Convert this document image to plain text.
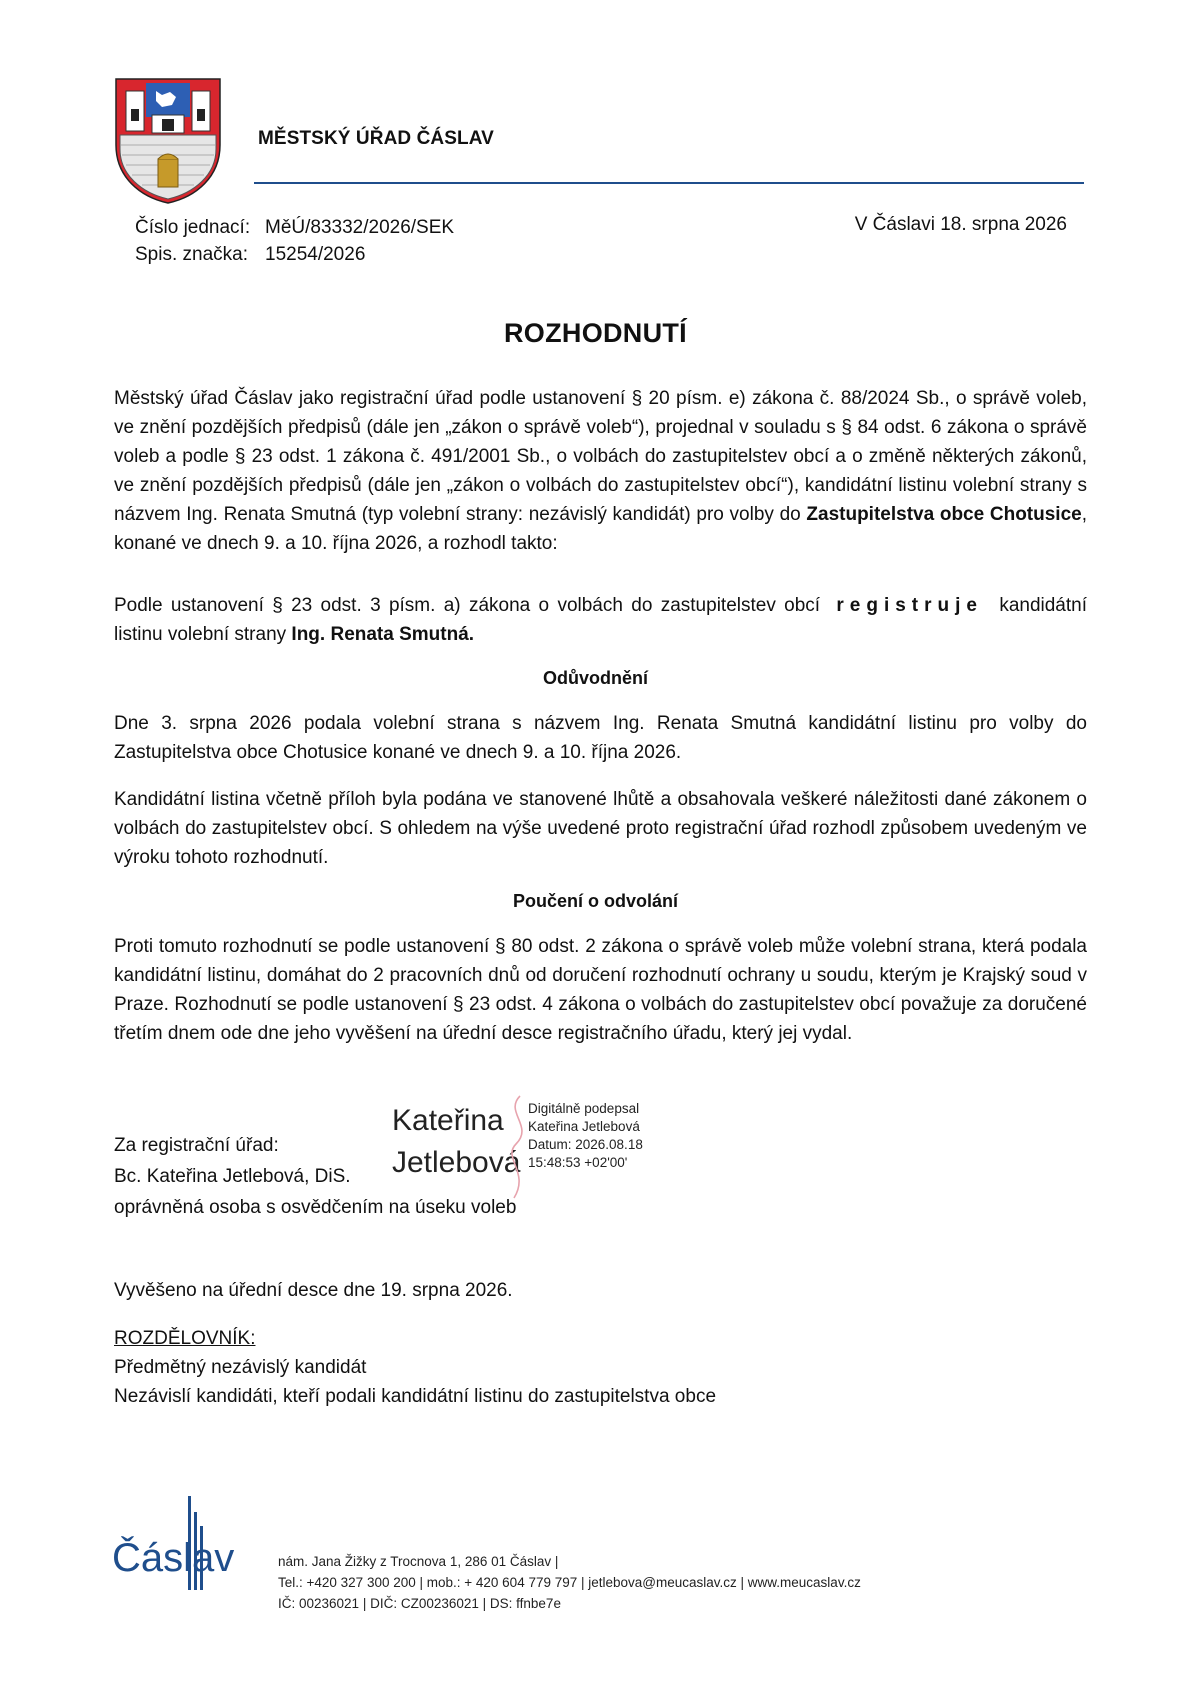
MĚSTSKÝ ÚŘAD ČÁSLAV
Číslo jednací: MěÚ/83332/2026/SEK
Spis. značka: 15254/2026
V Čáslavi 18. srpna 2026
ROZHODNUTÍ

Městský úřad Čáslav jako registrační úřad podle ustanovení § 20 písm. e) zákona č. 88/2024 Sb., o správě voleb, ve znění pozdějších předpisů (dále jen „zákon o správě voleb“), projednal v souladu s § 84 odst. 6 zákona o správě voleb a podle § 23 odst. 1 zákona č. 491/2001 Sb., o volbách do zastupitelstev obcí a o změně některých zákonů, ve znění pozdějších předpisů (dále jen „zákon o volbách do zastupitelstev obcí“), kandidátní listinu volební strany s názvem Ing. Renata Smutná (typ volební strany: nezávislý kandidát) pro volby do Zastupitelstva obce Chotusice, konané ve dnech 9. a 10. října 2026, a rozhodl takto:

Podle ustanovení § 23 odst. 3 písm. a) zákona o volbách do zastupitelstev obcí registruje kandidátní listinu volební strany Ing. Renata Smutná.

Odůvodnění

Dne 3. srpna 2026 podala volební strana s názvem Ing. Renata Smutná kandidátní listinu pro volby do Zastupitelstva obce Chotusice konané ve dnech 9. a 10. října 2026.

Kandidátní listina včetně příloh byla podána ve stanovené lhůtě a obsahovala veškeré náležitosti dané zákonem o volbách do zastupitelstev obcí. S ohledem na výše uvedené proto registrační úřad rozhodl způsobem uvedeným ve výroku tohoto rozhodnutí.

Poučení o odvolání

Proti tomuto rozhodnutí se podle ustanovení § 80 odst. 2 zákona o správě voleb může volební strana, která podala kandidátní listinu, domáhat do 2 pracovních dnů od doručení rozhodnutí ochrany u soudu, kterým je Krajský soud v Praze. Rozhodnutí se podle ustanovení § 23 odst. 4 zákona o volbách do zastupitelstev obcí považuje za doručené třetím dnem ode dne jeho vyvěšení na úřední desce registračního úřadu, který jej vydal.

Za registrační úřad:
Bc. Kateřina Jetlebová, DiS.
oprávněná osoba s osvědčením na úseku voleb
Kateřina
Jetlebová
Digitálně podepsal
Kateřina Jetlebová
Datum: 2026.08.18
15:48:53 +02'00'
Vyvěšeno na úřední desce dne 19. srpna 2026.
ROZDĚLOVNÍK:
Předmětný nezávislý kandidát
Nezávislí kandidáti, kteří podali kandidátní listinu do zastupitelstva obce
Čáslav	nám. Jana Žižky z Trocnova 1, 286 01 Čáslav |
Tel.: +420 327 300 200 | mob.: + 420 604 779 797 | jetlebova@meucaslav.cz | www.meucaslav.cz
IČ: 00236021 | DIČ: CZ00236021 | DS: ffnbe7e
